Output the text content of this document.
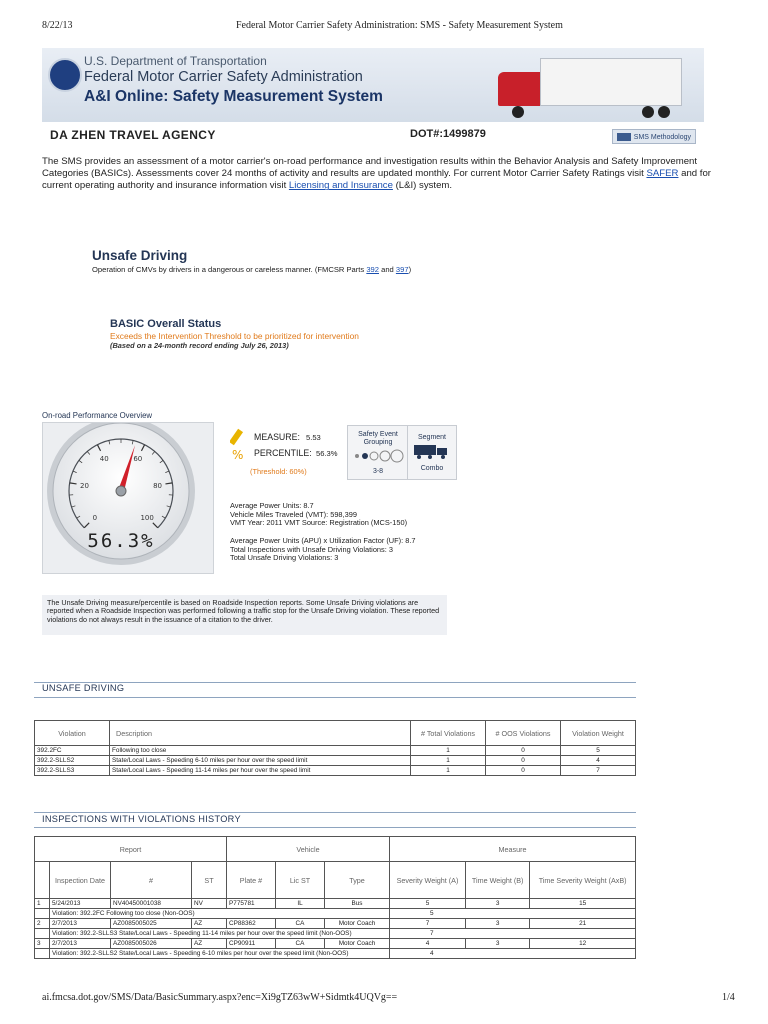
8/22/13	Federal Motor Carrier Safety Administration: SMS - Safety Measurement System
U.S. Department of Transportation
Federal Motor Carrier Safety Administration
A&I Online: Safety Measurement System
DA ZHEN TRAVEL AGENCY	DOT#:1499879	SMS Methodology
The SMS provides an assessment of a motor carrier's on-road performance and investigation results within the Behavior Analysis and Safety Improvement Categories (BASICs). Assessments cover 24 months of activity and results are updated monthly. For current Motor Carrier Safety Ratings visit SAFER and for current operating authority and insurance information visit Licensing and Insurance (L&I) system.
Unsafe Driving
Operation of CMVs by drivers in a dangerous or careless manner. (FMCSR Parts 392 and 397)
BASIC Overall Status
Exceeds the Intervention Threshold to be prioritized for intervention
(Based on a 24-month record ending July 26, 2013)
On-road Performance Overview
0
20
40	60
80
100
56.3%
%
MEASURE: 5.53
PERCENTILE: 56.3%
(Threshold: 60%)
Safety Event Grouping
3-8
Segment
Combo
Average Power Units: 8.7
Vehicle Miles Traveled (VMT): 598,399
VMT Year: 2011 VMT Source: Registration (MCS-150)
Average Power Units (APU) x Utilization Factor (UF): 8.7
Total Inspections with Unsafe Driving Violations: 3
Total Unsafe Driving Violations: 3
The Unsafe Driving measure/percentile is based on Roadside Inspection reports. Some Unsafe Driving violations are reported when a Roadside Inspection was performed following a traffic stop for the Unsafe Driving violation. These reported violations do not always result in the issuance of a citation to the driver.
UNSAFE DRIVING
Violation	Description	# Total Violations	# OOS Violations	Violation Weight
392.2FC	Following too close	1	0	5
392.2-SLLS2	State/Local Laws - Speeding 6-10 miles per hour over the speed limit	1	0	4
392.2-SLLS3	State/Local Laws - Speeding 11-14 miles per hour over the speed limit	1	0	7
INSPECTIONS WITH VIOLATIONS HISTORY
Report				Vehicle			Measure		
	Inspection Date	#	ST	Plate #	Lic ST	Type	Severity Weight (A)	Time Weight (B)	Time Severity Weight (AxB)
1	5/24/2013	NV40450001038	NV	P775781	IL	Bus	5	3	15
	Violation: 392.2FC Following too close (Non-OOS)						5		
2	2/7/2013	AZ0085005025	AZ	CP88362	CA	Motor Coach	7	3	21
	Violation: 392.2-SLLS3 State/Local Laws - Speeding 11-14 miles per hour over the speed limit (Non-OOS)						7		
3	2/7/2013	AZ0085005026	AZ	CP90911	CA	Motor Coach	4	3	12
	Violation: 392.2-SLLS2 State/Local Laws - Speeding 6-10 miles per hour over the speed limit (Non-OOS)						4		
ai.fmcsa.dot.gov/SMS/Data/BasicSummary.aspx?enc=Xi9gTZ63wW+Sidmtk4UQVg==	1/4
